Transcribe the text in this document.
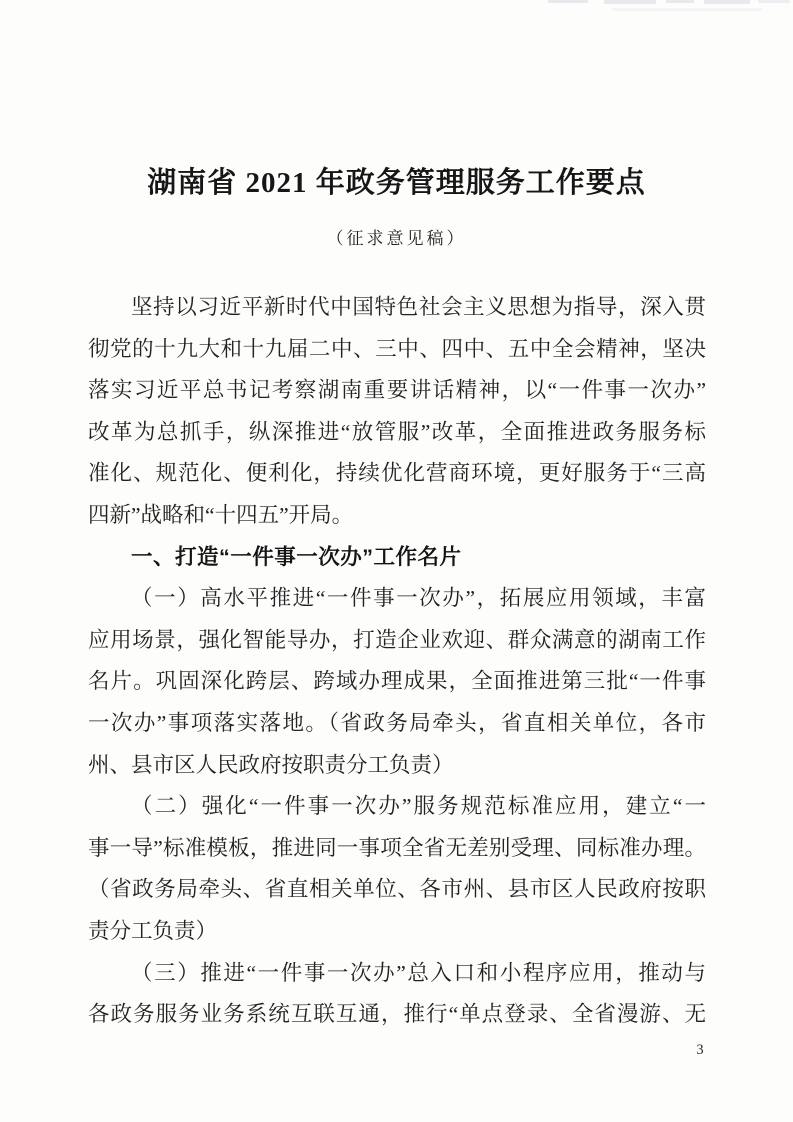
湖南省 2021 年政务管理服务工作要点
（征求意见稿）
坚持以习近平新时代中国特色社会主义思想为指导，深入贯
彻党的十九大和十九届二中、三中、四中、五中全会精神，坚决
落实习近平总书记考察湖南重要讲话精神，以“一件事一次办”
改革为总抓手，纵深推进“放管服”改革，全面推进政务服务标
准化、规范化、便利化，持续优化营商环境，更好服务于“三高
四新”战略和“十四五”开局。
一、打造“一件事一次办”工作名片
（一）高水平推进“一件事一次办”，拓展应用领域，丰富
应用场景，强化智能导办，打造企业欢迎、群众满意的湖南工作
名片。巩固深化跨层、跨域办理成果，全面推进第三批“一件事
一次办”事项落实落地。（省政务局牵头，省直相关单位，各市
州、县市区人民政府按职责分工负责）
（二）强化“一件事一次办”服务规范标准应用，建立“一
事一导”标准模板，推进同一事项全省无差别受理、同标准办理。
（省政务局牵头、省直相关单位、各市州、县市区人民政府按职
责分工负责）
（三）推进“一件事一次办”总入口和小程序应用，推动与
各政务服务业务系统互联互通，推行“单点登录、全省漫游、无
3
